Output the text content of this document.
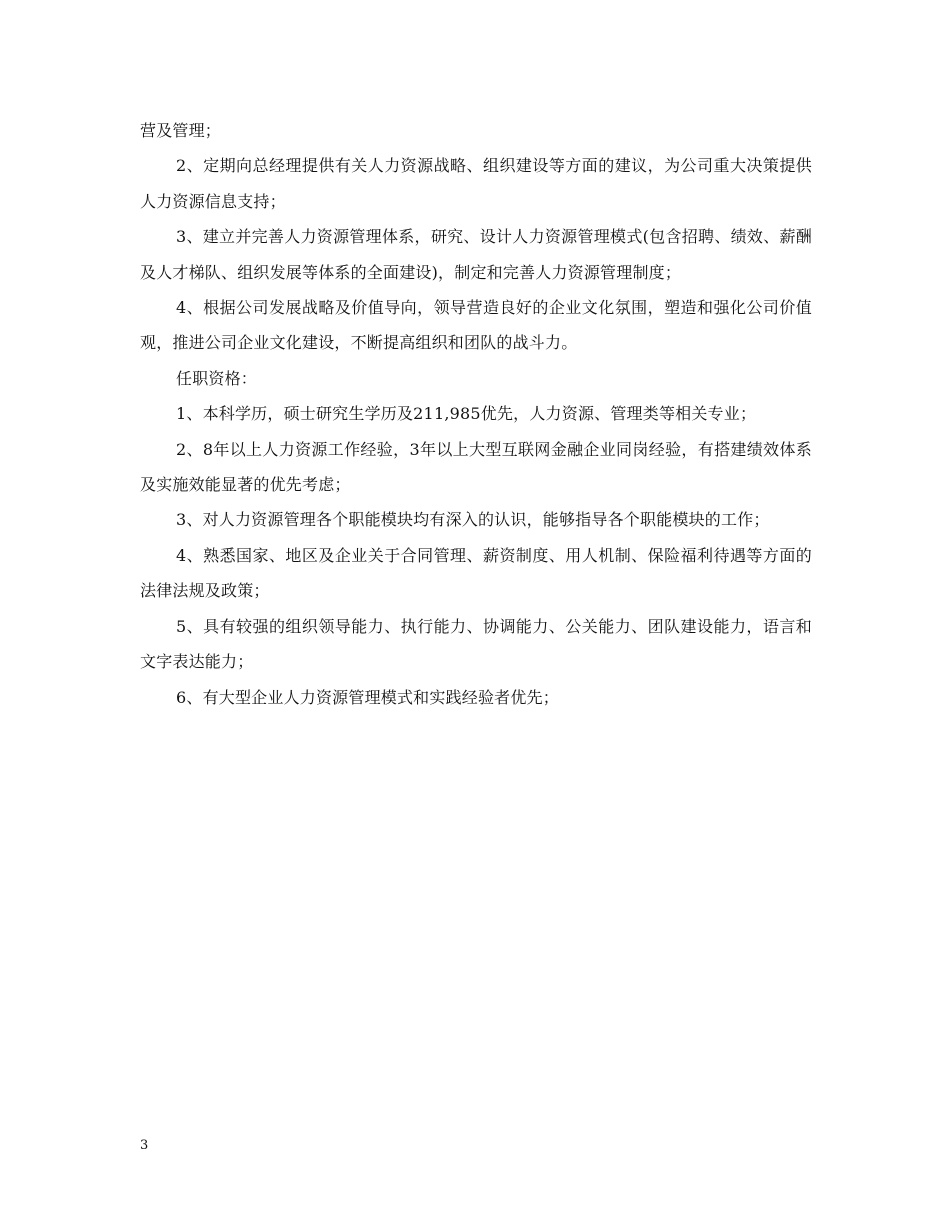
营及管理；

2、定期向总经理提供有关人力资源战略、组织建设等方面的建议，为公司重大决策提供人力资源信息支持；

3、建立并完善人力资源管理体系，研究、设计人力资源管理模式(包含招聘、绩效、薪酬及人才梯队、组织发展等体系的全面建设)，制定和完善人力资源管理制度；

4、根据公司发展战略及价值导向，领导营造良好的企业文化氛围，塑造和强化公司价值观，推进公司企业文化建设，不断提高组织和团队的战斗力。

任职资格：

1、本科学历，硕士研究生学历及211,985优先，人力资源、管理类等相关专业；

2、8年以上人力资源工作经验，3年以上大型互联网金融企业同岗经验，有搭建绩效体系及实施效能显著的优先考虑；

3、对人力资源管理各个职能模块均有深入的认识，能够指导各个职能模块的工作；

4、熟悉国家、地区及企业关于合同管理、薪资制度、用人机制、保险福利待遇等方面的法律法规及政策；

5、具有较强的组织领导能力、执行能力、协调能力、公关能力、团队建设能力，语言和文字表达能力；

6、有大型企业人力资源管理模式和实践经验者优先；

3
